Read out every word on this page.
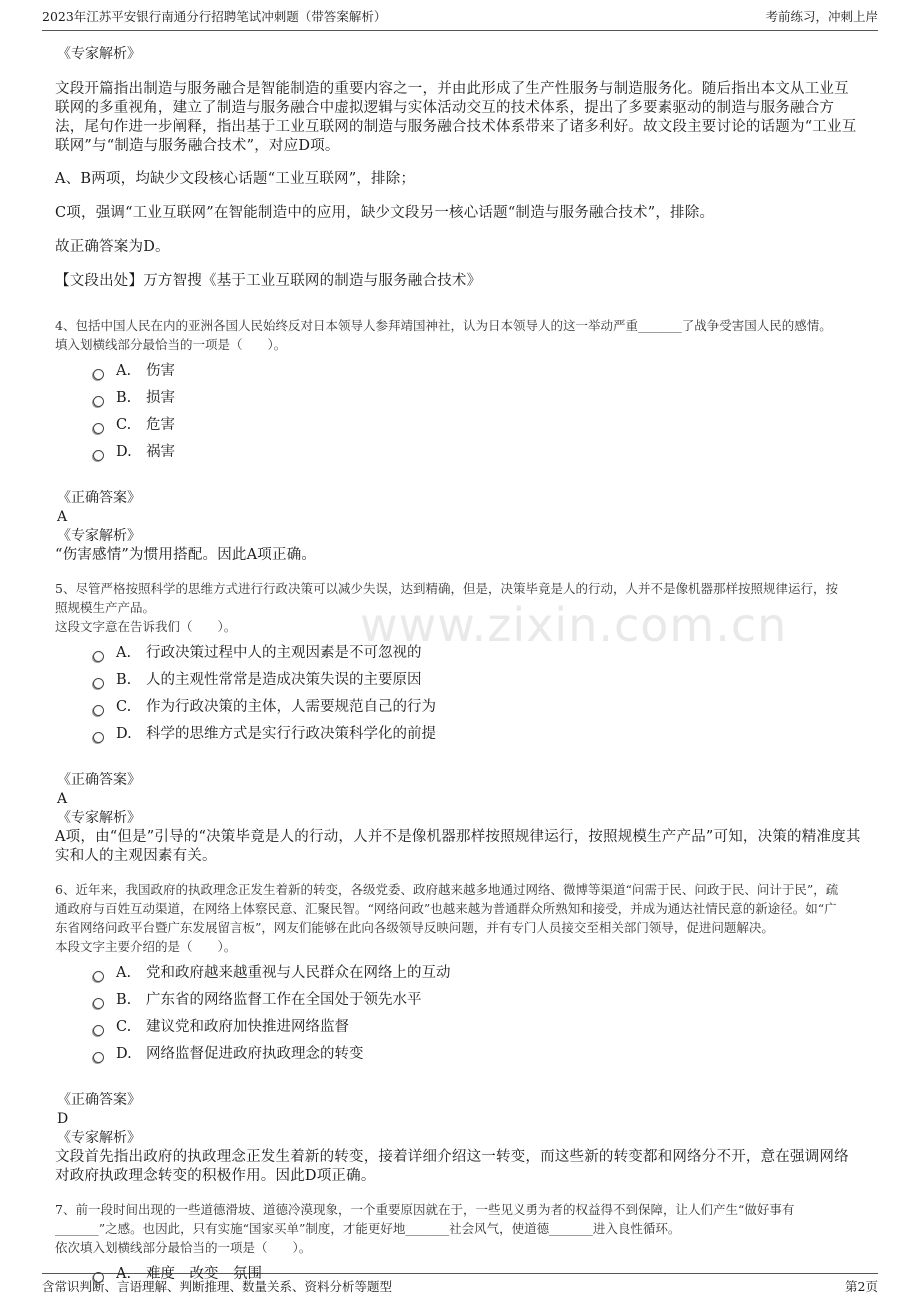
2023年江苏平安银行南通分行招聘笔试冲刺题（带答案解析）	考前练习，冲刺上岸
www.zixin.com.cn

《专家解析》

文段开篇指出制造与服务融合是智能制造的重要内容之一，并由此形成了生产性服务与制造服务化。随后指出本文从工业互

联网的多重视角，建立了制造与服务融合中虚拟逻辑与实体活动交互的技术体系，提出了多要素驱动的制造与服务融合方

法，尾句作进一步阐释，指出基于工业互联网的制造与服务融合技术体系带来了诸多利好。故文段主要讨论的话题为“工业互

联网”与“制造与服务融合技术”，对应D项。

A、B两项，均缺少文段核心话题“工业互联网”，排除；

C项，强调“工业互联网”在智能制造中的应用，缺少文段另一核心话题“制造与服务融合技术”，排除。

故正确答案为D。

【文段出处】万方智搜《基于工业互联网的制造与服务融合技术》

4、包括中国人民在内的亚洲各国人民始终反对日本领导人参拜靖国神社，认为日本领导人的这一举动严重_______了战争受害国人民的感情。

填入划横线部分最恰当的一项是（　　）。

A.	伤害
B.	损害
C.	危害
D. 祸害

《正确答案》

A

《专家解析》

“伤害感情”为惯用搭配。因此A项正确。

5、尽管严格按照科学的思维方式进行行政决策可以减少失误，达到精确，但是，决策毕竟是人的行动，人并不是像机器那样按照规律运行，按

照规模生产产品。

这段文字意在告诉我们（　　）。

A.	行政决策过程中人的主观因素是不可忽视的
B.	人的主观性常常是造成决策失误的主要原因
C.	作为行政决策的主体，人需要规范自己的行为
D. 科学的思维方式是实行行政决策科学化的前提

《正确答案》

A

《专家解析》

A项，由“但是”引导的“决策毕竟是人的行动，人并不是像机器那样按照规律运行，按照规模生产产品”可知，决策的精准度其

实和人的主观因素有关。

6、近年来，我国政府的执政理念正发生着新的转变，各级党委、政府越来越多地通过网络、微博等渠道“问需于民、问政于民、问计于民”，疏

通政府与百姓互动渠道，在网络上体察民意、汇聚民智。“网络问政”也越来越为普通群众所熟知和接受，并成为通达社情民意的新途径。如“广

东省网络问政平台暨广东发展留言板”，网友们能够在此向各级领导反映问题，并有专门人员接交至相关部门领导，促进问题解决。

本段文字主要介绍的是（　　）。

A.	党和政府越来越重视与人民群众在网络上的互动
B.	广东省的网络监督工作在全国处于领先水平
C.	建议党和政府加快推进网络监督
D. 网络监督促进政府执政理念的转变

《正确答案》

D

《专家解析》

文段首先指出政府的执政理念正发生着新的转变，接着详细介绍这一转变，而这些新的转变都和网络分不开，意在强调网络

对政府执政理念转变的积极作用。因此D项正确。

7、前一段时间出现的一些道德滑坡、道德冷漠现象，一个重要原因就在于，一些见义勇为者的权益得不到保障，让人们产生“做好事有

_______”之感。也因此，只有实施“国家买单”制度，才能更好地_______社会风气，使道德_______进入良性循环。

依次填入划横线部分最恰当的一项是（　　）。

A.	难度　改变　氛围
含常识判断、言语理解、判断推理、数量关系、资料分析等题型	第2页
